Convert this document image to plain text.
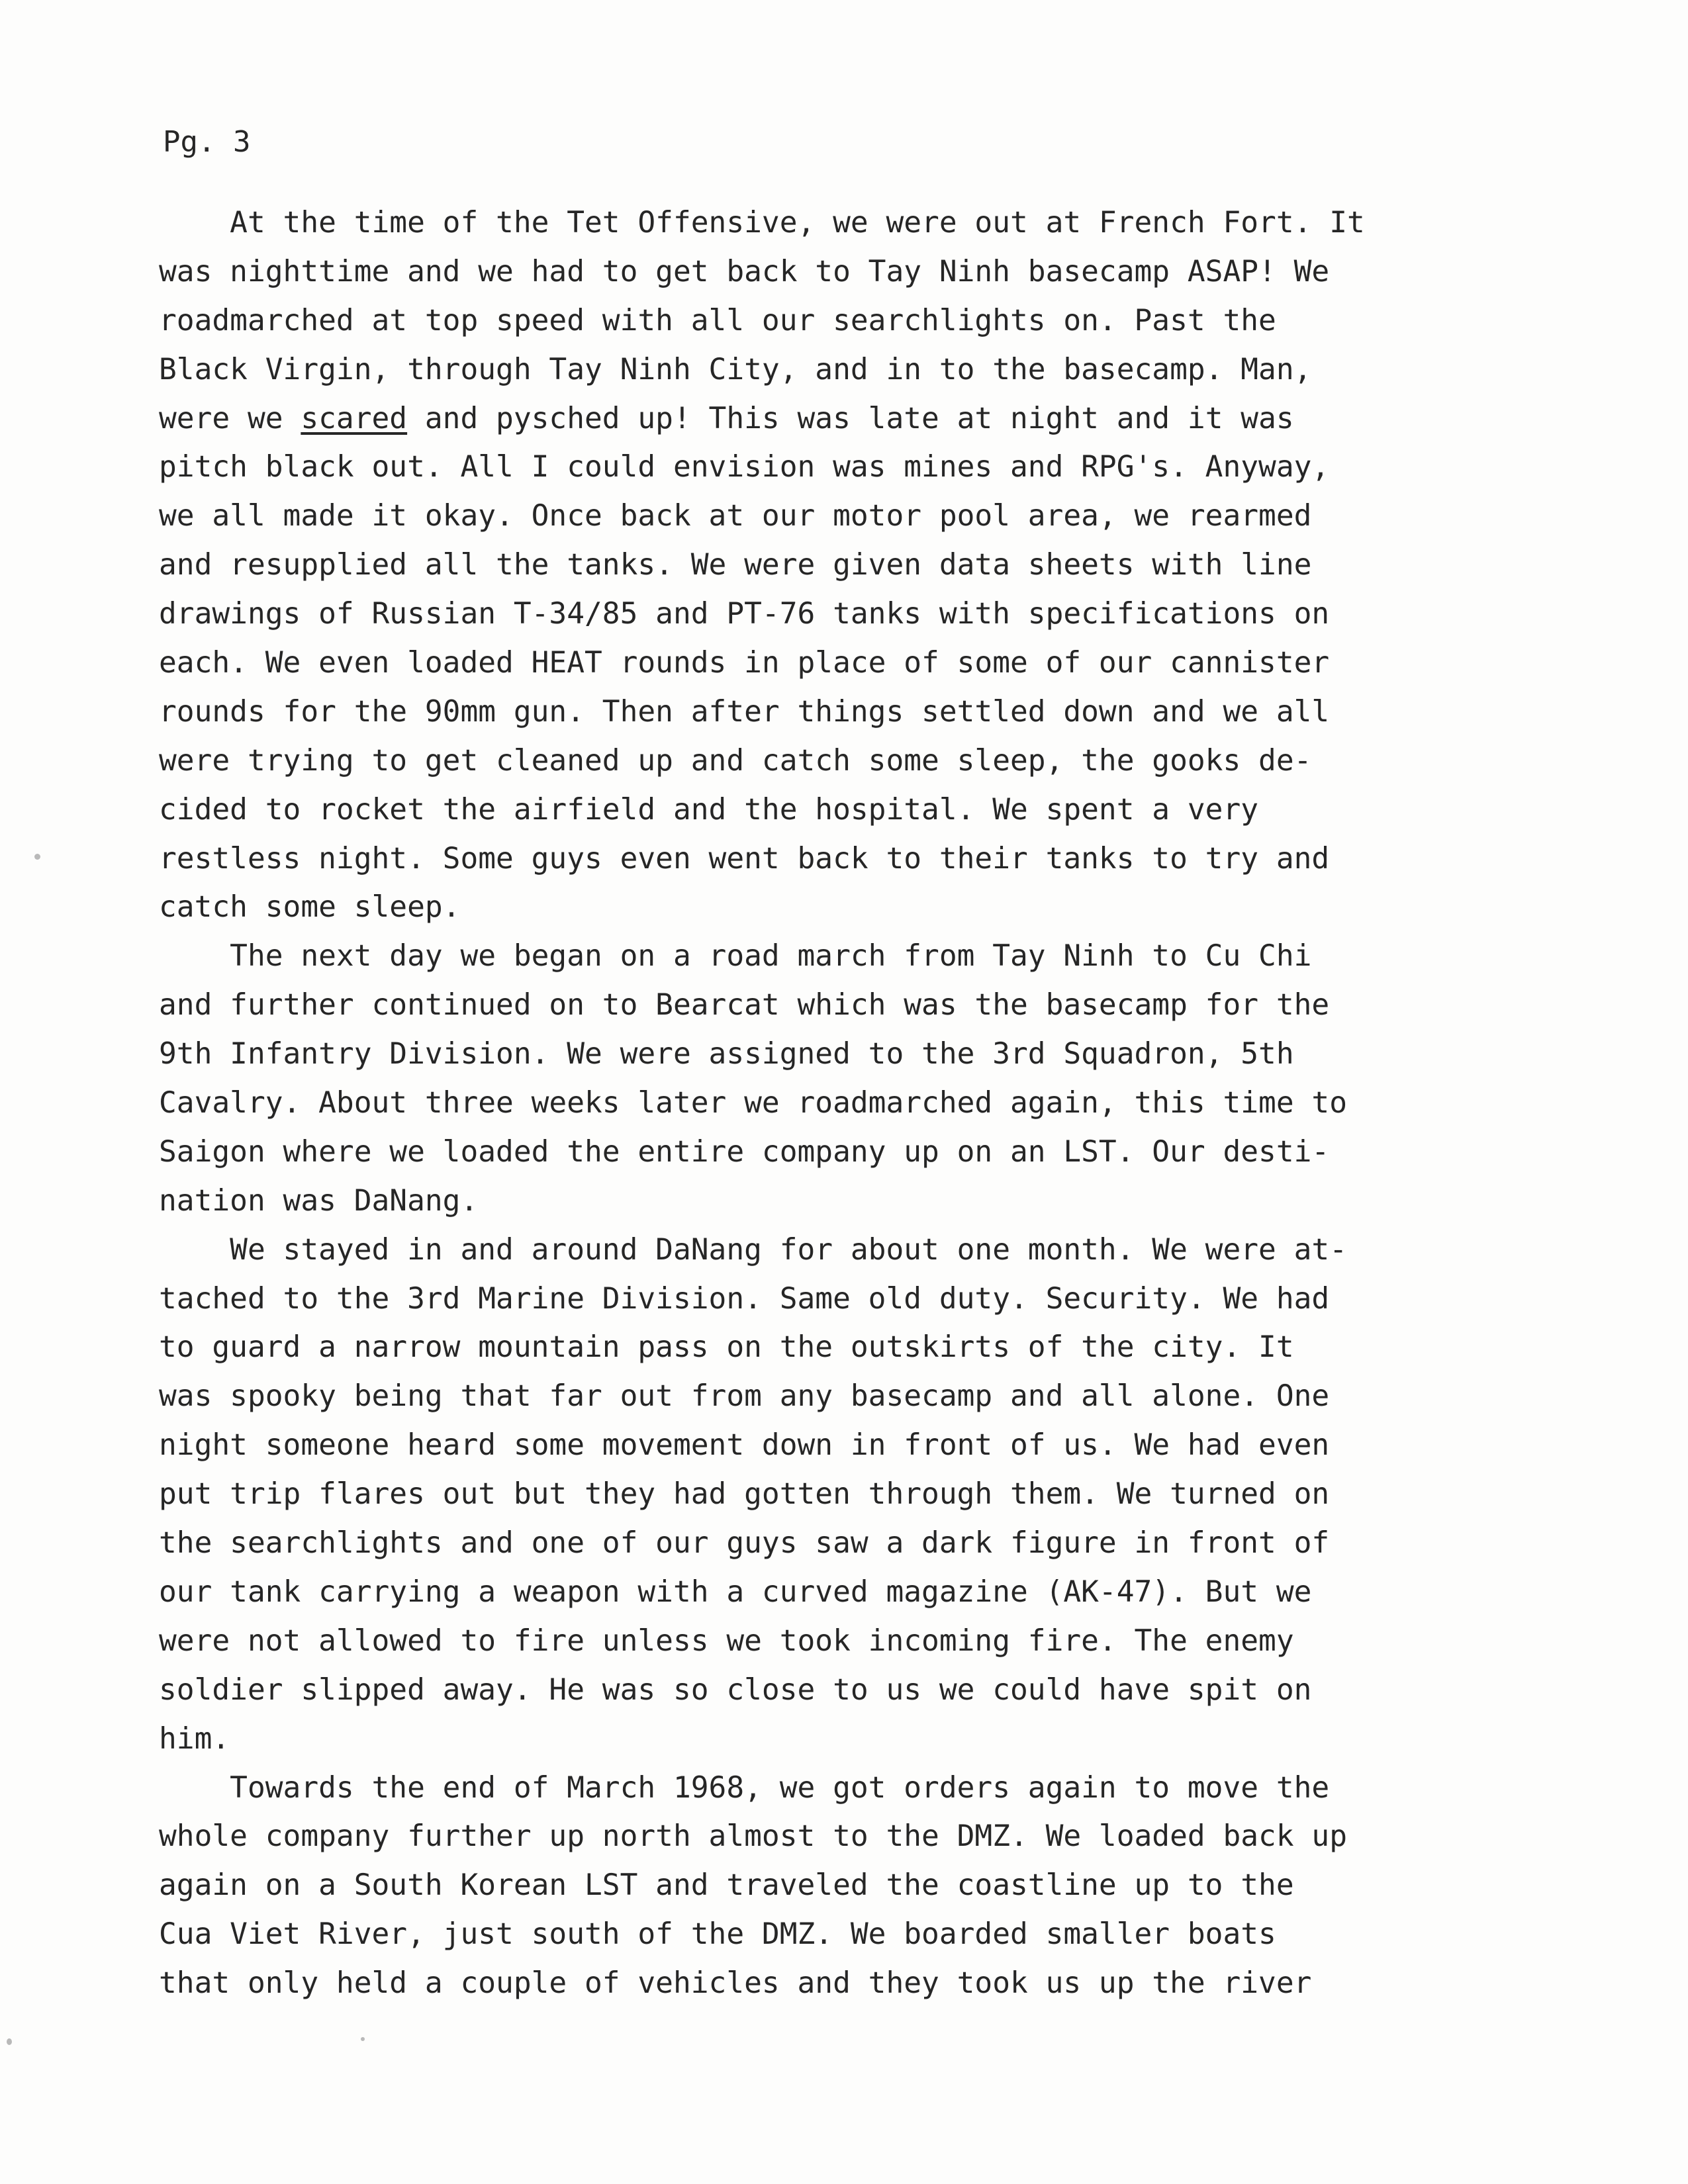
Pg. 3
At the time of the Tet Offensive, we were out at French Fort. It
was nighttime and we had to get back to Tay Ninh basecamp ASAP! We
roadmarched at top speed with all our searchlights on. Past the
Black Virgin, through Tay Ninh City, and in to the basecamp. Man,
were we scared and pysched up! This was late at night and it was
pitch black out. All I could envision was mines and RPG's. Anyway,
we all made it okay. Once back at our motor pool area, we rearmed
and resupplied all the tanks. We were given data sheets with line
drawings of Russian T-34/85 and PT-76 tanks with specifications on
each. We even loaded HEAT rounds in place of some of our cannister
rounds for the 90mm gun. Then after things settled down and we all
were trying to get cleaned up and catch some sleep, the gooks de-
cided to rocket the airfield and the hospital. We spent a very
restless night. Some guys even went back to their tanks to try and
catch some sleep.
The next day we began on a road march from Tay Ninh to Cu Chi
and further continued on to Bearcat which was the basecamp for the
9th Infantry Division. We were assigned to the 3rd Squadron, 5th
Cavalry. About three weeks later we roadmarched again, this time to
Saigon where we loaded the entire company up on an LST. Our desti-
nation was DaNang.
We stayed in and around DaNang for about one month. We were at-
tached to the 3rd Marine Division. Same old duty. Security. We had
to guard a narrow mountain pass on the outskirts of the city. It
was spooky being that far out from any basecamp and all alone. One
night someone heard some movement down in front of us. We had even
put trip flares out but they had gotten through them. We turned on
the searchlights and one of our guys saw a dark figure in front of
our tank carrying a weapon with a curved magazine (AK-47). But we
were not allowed to fire unless we took incoming fire. The enemy
soldier slipped away. He was so close to us we could have spit on
him.
Towards the end of March 1968, we got orders again to move the
whole company further up north almost to the DMZ. We loaded back up
again on a South Korean LST and traveled the coastline up to the
Cua Viet River, just south of the DMZ. We boarded smaller boats
that only held a couple of vehicles and they took us up the river
